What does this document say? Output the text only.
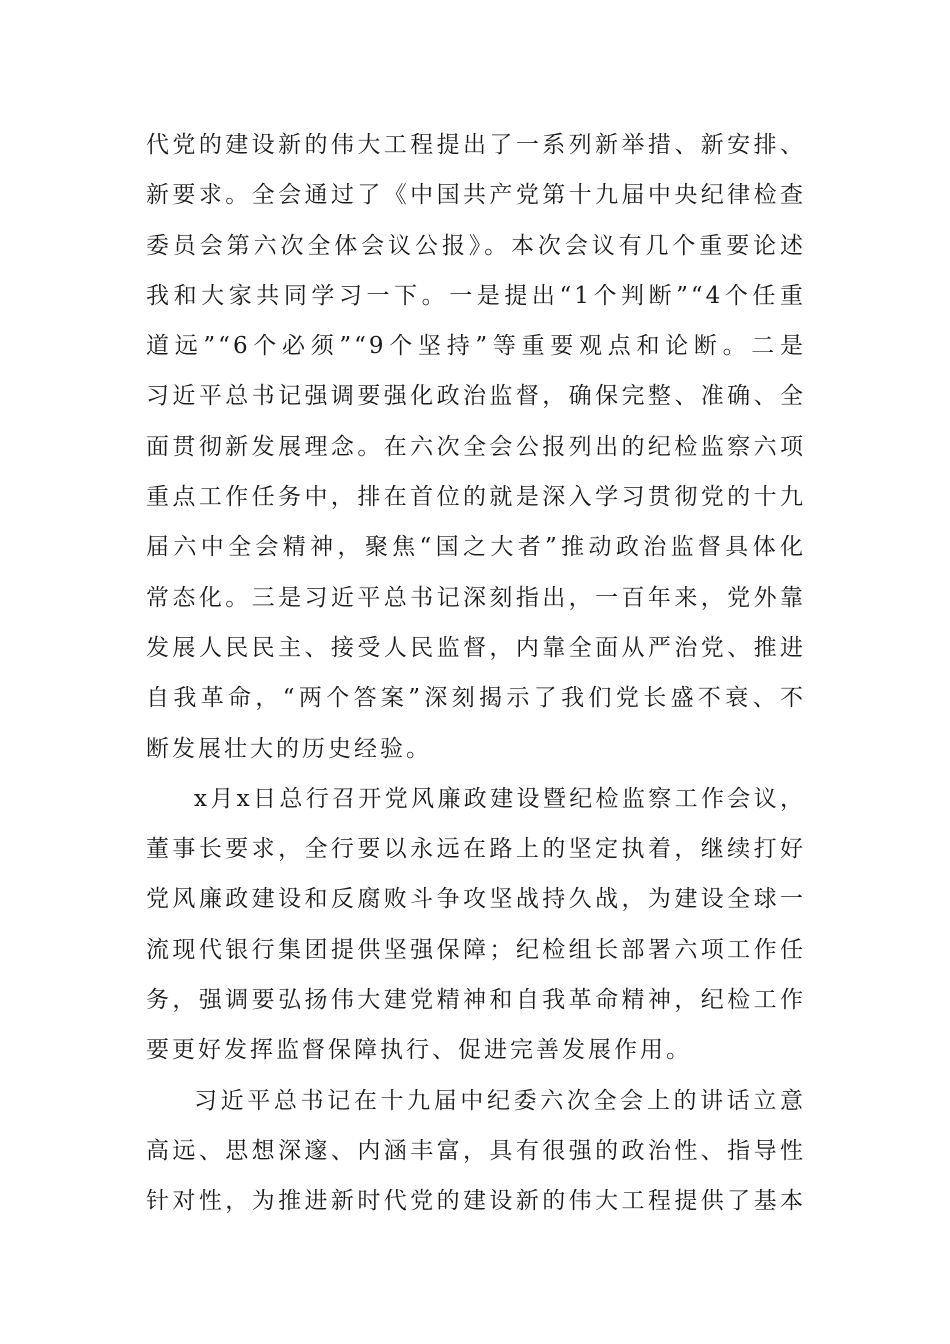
代党的建设新的伟大工程提出了一系列新举措、新安排、
新要求。全会通过了《中国共产党第十九届中央纪律检查
委员会第六次全体会议公报》。本次会议有几个重要论述
我和大家共同学习一下。一是提出“1个判断”“4个任重
道远”“6个必须”“9个坚持”等重要观点和论断。二是
习近平总书记强调要强化政治监督，确保完整、准确、全
面贯彻新发展理念。在六次全会公报列出的纪检监察六项
重点工作任务中，排在首位的就是深入学习贯彻党的十九
届六中全会精神，聚焦“国之大者”推动政治监督具体化
常态化。三是习近平总书记深刻指出，一百年来，党外靠
发展人民民主、接受人民监督，内靠全面从严治党、推进
自我革命，“两个答案”深刻揭示了我们党长盛不衰、不
断发展壮大的历史经验。
x月x日总行召开党风廉政建设暨纪检监察工作会议，
董事长要求，全行要以永远在路上的坚定执着，继续打好
党风廉政建设和反腐败斗争攻坚战持久战，为建设全球一
流现代银行集团提供坚强保障；纪检组长部署六项工作任
务，强调要弘扬伟大建党精神和自我革命精神，纪检工作
要更好发挥监督保障执行、促进完善发展作用。
习近平总书记在十九届中纪委六次全会上的讲话立意
高远、思想深邃、内涵丰富，具有很强的政治性、指导性
针对性，为推进新时代党的建设新的伟大工程提供了基本
